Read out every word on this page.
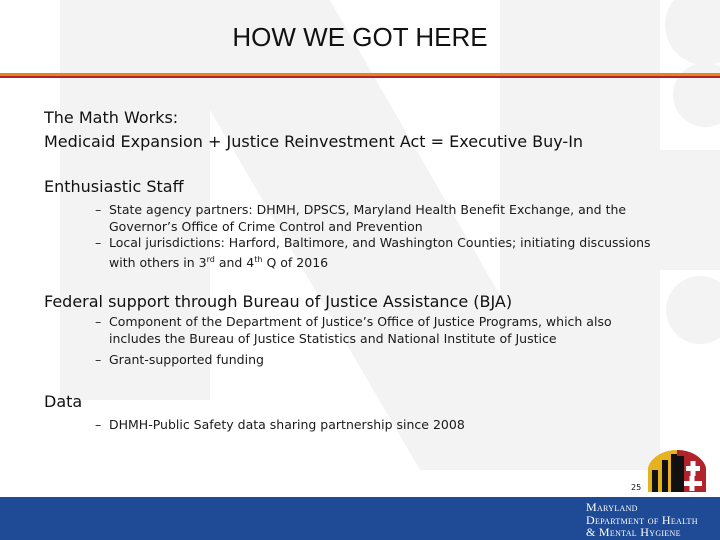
HOW WE GOT HERE
The Math Works:
Medicaid Expansion + Justice Reinvestment Act = Executive Buy-In
Enthusiastic Staff
– State agency partners: DHMH, DPSCS, Maryland Health Benefit Exchange, and the
Governor’s Office of Crime Control and Prevention
– Local jurisdictions: Harford, Baltimore, and Washington Counties; initiating discussions
with others in 3rd and 4th Q of 2016
Federal support through Bureau of Justice Assistance (BJA)
– Component of the Department of Justice’s Office of Justice Programs, which also
includes the Bureau of Justice Statistics and National Institute of Justice
– Grant-supported funding
Data
– DHMH-Public Safety data sharing partnership since 2008
25
Maryland
Department of Health
& Mental Hygiene
